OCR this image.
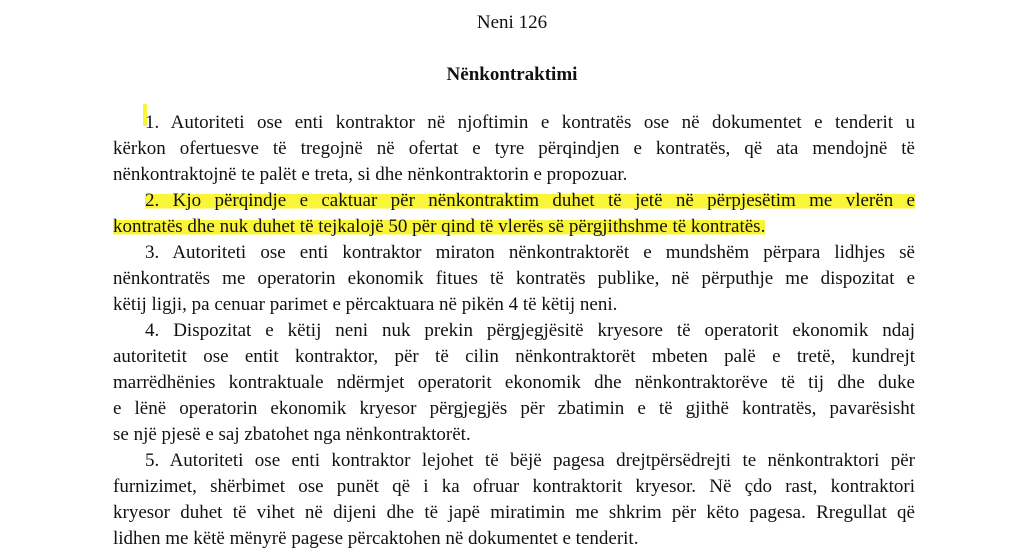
Neni 126
Nënkontraktimi
1. Autoriteti ose enti kontraktor në njoftimin e kontratës ose në dokumentet e tenderit u
kërkon ofertuesve të tregojnë në ofertat e tyre përqindjen e kontratës, që ata mendojnë të
nënkontraktojnë te palët e treta, si dhe nënkontraktorin e propozuar.
2. Kjo përqindje e caktuar për nënkontraktim duhet të jetë në përpjesëtim me vlerën e
kontratës dhe nuk duhet të tejkalojë 50 për qind të vlerës së përgjithshme të kontratës.
3. Autoriteti ose enti kontraktor miraton nënkontraktorët e mundshëm përpara lidhjes së
nënkontratës me operatorin ekonomik fitues të kontratës publike, në përputhje me dispozitat e
këtij ligji, pa cenuar parimet e përcaktuara në pikën 4 të këtij neni.
4. Dispozitat e këtij neni nuk prekin përgjegjësitë kryesore të operatorit ekonomik ndaj
autoritetit ose entit kontraktor, për të cilin nënkontraktorët mbeten palë e tretë, kundrejt
marrëdhënies kontraktuale ndërmjet operatorit ekonomik dhe nënkontraktorëve të tij dhe duke
e lënë operatorin ekonomik kryesor përgjegjës për zbatimin e të gjithë kontratës, pavarësisht
se një pjesë e saj zbatohet nga nënkontraktorët.
5. Autoriteti ose enti kontraktor lejohet të bëjë pagesa drejtpërsëdrejti te nënkontraktori për
furnizimet, shërbimet ose punët që i ka ofruar kontraktorit kryesor. Në çdo rast, kontraktori
kryesor duhet të vihet në dijeni dhe të japë miratimin me shkrim për këto pagesa. Rregullat që
lidhen me këtë mënyrë pagese përcaktohen në dokumentet e tenderit.
